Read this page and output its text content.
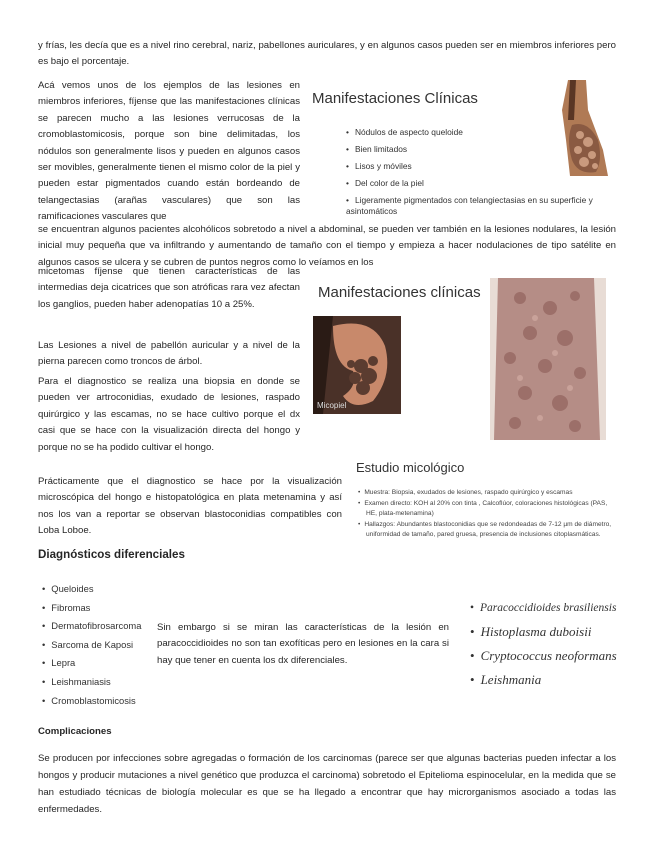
y frías, les decía que es a nivel rino cerebral, nariz, pabellones auriculares, y en algunos casos pueden ser en miembros inferiores pero es bajo el porcentaje.

Acá vemos unos de los ejemplos de las lesiones en miembros inferiores, fíjense que las manifestaciones clínicas se parecen mucho a las lesiones verrucosas de la cromoblastomicosis, porque son bine delimitadas, los nódulos son generalmente lisos y pueden en algunos casos ser movibles, generalmente tienen el mismo color de la piel y pueden estar pigmentados cuando están bordeando de telangectasias (arañas vasculares) que son las ramificaciones vasculares que

Manifestaciones Clínicas
• Nódulos de aspecto queloide
• Bien limitados
• Lisos y móviles
• Del color de la piel
• Ligeramente pigmentados con telangiectasias en su superficie y asintomáticos

se encuentran algunos pacientes alcohólicos sobretodo a nivel a abdominal, se pueden ver también en la lesiones nodulares, la lesión inicial muy pequeña que va infiltrando y aumentando de tamaño con el tiempo y empieza a hacer nodulaciones de tipo satélite en algunos casos se ulcera y se cubren de puntos negros como lo veíamos en los

micetomas fíjense que tienen características de las intermedias deja cicatrices que son atróficas rara vez afectan los ganglios, pueden haber adenopatías 10 a 25%.

Manifestaciones clínicas
Micopiel

Las Lesiones a nivel de pabellón auricular y a nivel de la pierna parecen como troncos de árbol.

Para el diagnostico se realiza una biopsia en donde se pueden ver artroconidias, exudado de lesiones, raspado quirúrgico y las escamas, no se hace cultivo porque el dx casi que se hace con la visualización directa del hongo y porque no se ha podido cultivar el hongo.

Prácticamente que el diagnostico se hace por la visualización microscópica del hongo e histopatológica en plata metenamina y así nos los van a reportar se observan blastoconidias compatibles con Loba Loboe.

Estudio micológico
• Muestra: Biopsia, exudados de lesiones, raspado quirúrgico y escamas
• Examen directo: KOH al 20% con tinta , Calcoflúor, coloraciones histológicas (PAS, HE, plata-metenamina)
• Hallazgos: Abundantes blastoconidias que se redondeadas de 7-12 µm de diámetro, uniformidad de tamaño, pared gruesa, presencia de inclusiones citoplasmáticas.
Diagnósticos diferenciales
• Queloides
• Fibromas
• Dermatofibrosarcoma
• Sarcoma de Kaposi
• Lepra
• Leishmaniasis
• Cromoblastomicosis

Sin embargo si se miran las características de la lesión en paracoccidioides no son tan exofíticas pero en lesiones en la cara si hay que tener en cuenta los dx diferenciales.

• Paracoccidioides brasiliensis
• Histoplasma duboisii
• Cryptococcus neoformans
• Leishmania
Complicaciones

Se producen por infecciones sobre agregadas o formación de los carcinomas (parece ser que algunas bacterias pueden infectar a los hongos y producir mutaciones a nivel genético que produzca el carcinoma) sobretodo el Epitelioma espinocelular, en la medida que se han estudiado técnicas de biología molecular es que se ha llegado a encontrar que hay microrganismos asociado a todas las enfermedades.
